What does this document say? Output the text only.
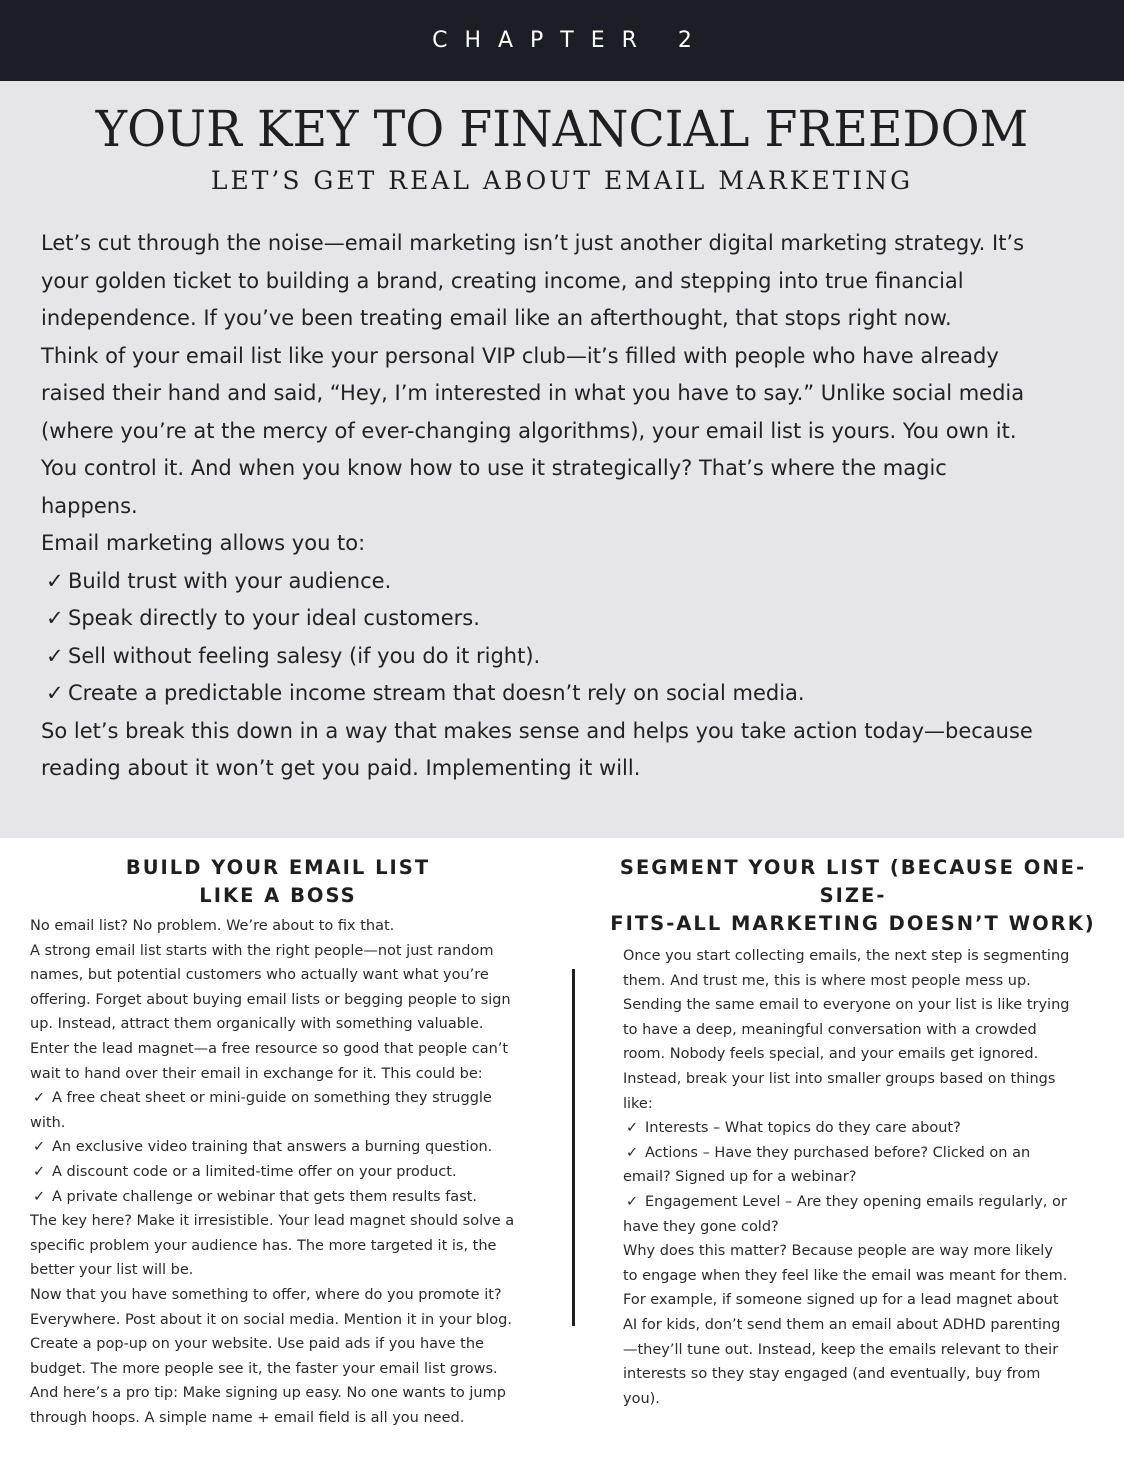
CHAPTER 2
YOUR KEY TO FINANCIAL FREEDOM
LET’S GET REAL ABOUT EMAIL MARKETING

Let’s cut through the noise—email marketing isn’t just another digital marketing strategy. It’s

your golden ticket to building a brand, creating income, and stepping into true financial

independence. If you’ve been treating email like an afterthought, that stops right now.

Think of your email list like your personal VIP club—it’s filled with people who have already

raised their hand and said, “Hey, I’m interested in what you have to say.” Unlike social media

(where you’re at the mercy of ever-changing algorithms), your email list is yours. You own it.

You control it. And when you know how to use it strategically? That’s where the magic

happens.

Email marketing allows you to:

✓ Build trust with your audience.

✓ Speak directly to your ideal customers.

✓ Sell without feeling salesy (if you do it right).

✓ Create a predictable income stream that doesn’t rely on social media.

So let’s break this down in a way that makes sense and helps you take action today—because

reading about it won’t get you paid. Implementing it will.

BUILD YOUR EMAIL LIST
LIKE A BOSS

No email list? No problem. We’re about to fix that.

A strong email list starts with the right people—not just random

names, but potential customers who actually want what you’re

offering. Forget about buying email lists or begging people to sign

up. Instead, attract them organically with something valuable.

Enter the lead magnet—a free resource so good that people can’t

wait to hand over their email in exchange for it. This could be:

✓ A free cheat sheet or mini-guide on something they struggle

with.

✓ An exclusive video training that answers a burning question.

✓ A discount code or a limited-time offer on your product.

✓ A private challenge or webinar that gets them results fast.

The key here? Make it irresistible. Your lead magnet should solve a

specific problem your audience has. The more targeted it is, the

better your list will be.

Now that you have something to offer, where do you promote it?

Everywhere. Post about it on social media. Mention it in your blog.

Create a pop-up on your website. Use paid ads if you have the

budget. The more people see it, the faster your email list grows.

And here’s a pro tip: Make signing up easy. No one wants to jump

through hoops. A simple name + email field is all you need.

SEGMENT YOUR LIST (BECAUSE ONE-SIZE-
FITS-ALL MARKETING DOESN’T WORK)

Once you start collecting emails, the next step is segmenting

them. And trust me, this is where most people mess up.

Sending the same email to everyone on your list is like trying

to have a deep, meaningful conversation with a crowded

room. Nobody feels special, and your emails get ignored.

Instead, break your list into smaller groups based on things

like:

✓ Interests – What topics do they care about?

✓ Actions – Have they purchased before? Clicked on an

email? Signed up for a webinar?

✓ Engagement Level – Are they opening emails regularly, or

have they gone cold?

Why does this matter? Because people are way more likely

to engage when they feel like the email was meant for them.

For example, if someone signed up for a lead magnet about

AI for kids, don’t send them an email about ADHD parenting

—they’ll tune out. Instead, keep the emails relevant to their

interests so they stay engaged (and eventually, buy from

you).
